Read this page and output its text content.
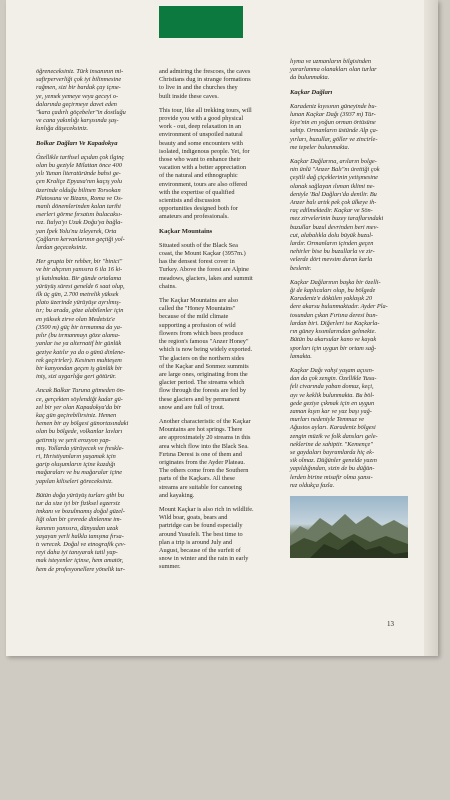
öğreneceksiniz. Türk insanının mi-
safirperverliği çok iyi bilinmesine
rağmen, sizi bir bardak çay içme-
ye, yemek yemeye veya geceyi o-
dalarında geçirmeye davet eden
"kara çadırlı göçebeler"in dostluğu
ve cana yakınlığı karşısında şaş-
kınlığa düşeceksiniz.

Bolkar Dağları Ve Kapadokya

Özellikle tarihsel açıdan çok ilginç
olan bu geziyle Milattan önce 400
yılı Yunan literatüründe bahsi ge-
çen Kraliçe Epyaxa'nın kaçış yolu
üzerinde olduğu bilinen Torsokan
Platosunu ve Bizans, Roma ve Os-
manlı dönemlerinden kalan tarihi
eserleri görme fırsatını bulacaksı-
nız. İtalya'yı Uzak Doğu'ya bağla-
yan İpek Yolu'nu izleyerek, Orta
Çağların kervanlarının geçtiği yol-
lardan geçeceksiniz.

Her grupta bir rehber, bir "binici"
ve bir ahçının yanısıra 6 ila 16 ki-
şi katılmakta. Bir günde ortalama
yürüyüş süresi genelde 6 saat olup,
ilk üç gün, 2.700 metrelik yüksek
plato üzerinde yürüyüşe ayrılmış-
tır; bu arada, göze alabilenler için
en yüksek zirve olan Medetsiz'e
(3500 m) güç bir tırmanma da ya-
pılır (bu tırmanmayı göze alama-
yanlar ise ya alternatif bir günlük
geziye katılır ya da o günü dinlene-
rek geçirirler). Kesinen muhteşem
bir kanyondan geçen iş günlük bir
iniş, sizi uygarlığa geri götürür.

Ancak Balkar Turuna gitmeden ön-
ce, gerçekten söylendiği kadar gü-
zel bir yer olan Kapadokya'da bir
kaç gün geçirebilirsiniz. Hemen
hemen bir ay bölgesi günortasındaki
olan bu bölgede, volkanlar lavları
getirmiş ve şerit erozyon yap-
mış. Yollarda yürüyecek ve freskle-
ri, Hıristiyanların yaşamak için
garip oluşumların içine kazdığı
mağaraları ve bu mağaralar içine
yapılan kiliseleri göreceksiniz.

Bütün doğa yürüyüş turları gibi bu
tur da size iyi bir fiziksel egzersiz
imkanı ve bozulmamış doğal güzel-
liği olan bir çevrede dinlenme im-
kanının yanısıra, dünyadan uzak
yaşayan yerli halkla tanışma fırsa-
tı verecek. Doğal ve etnografik çev-
reyi daha iyi tanıyarak tatil yap-
mak isteyenler içinse, hem amatör,
hem de profesyonellere yönelik tur-

and admiring the frescoes, the caves
Christians dug in strange formations
to live in and the churches they
built inside these caves.

This tour, like all trekking tours, will
provide you with a good physical
work - out, deep relaxation in an
environment of unspoiled natural
beauty and some encounters with
isolated, indigenous people. Yet, for
those who want to enhance their
vacation with a better appreciation
of the natural and ethnographic
environment, tours are also offered
with the expertise of qualified
scientists and discussion
opportunities designed both for
amateurs and professionals.

Kaçkar Mountains

Situated south of the Black Sea
coast, the Mount Kaçkar (3957m.)
has the densest forest cover in
Turkey. Above the forest are Alpine
meadows, glaciers, lakes and summit
chains.

The Kaçkar Mountains are also
called the "Honey Mountains"
because of the mild climate
supporting a profusion of wild
flowers from which bees produce
the region's famous "Anzer Honey"
which is now being widely exported.
The glaciers on the northern sides
of the Kaçkar and Sonmez summits
are large ones, originating from the
glacier period. The streams which
flow through the forests are fed by
these glaciers and by permanent
snow and are full of trout.

Another characteristic of the Kaçkar
Mountains are hot springs. There
are approximately 20 streams in this
area which flow into the Black Sea.
Fırtına Deresi is one of them and
originates from the Ayder Plateau.
The others come from the Southern
parts of the Kaçkars. All these
streams are suitable for canoeing
and kayaking.

Mount Kaçkar is also rich in wildlife.
Wild boar, goats, bears and
partridge can be found especially
around Yusufeli. The best time to
plan a trip is around July and
August, because of the surfeit of
snow in winter and the rain in early
summer.

lıyma ve uzmanların bilgisinden
yararlanma olanakları olan turlar
da bulunmakta.

Kaçkar Dağları

Karadeniz kıyısının güneyinde bu-
lunan Kaçkar Dağı (3937 m) Tür-
kiye'nin en yoğun orman örtüsüne
sahip. Ormanların üstünde Alp ça-
yırları, buzullar, göller ve zincirle-
me tepeler bulunmakta.

Kaçkar Dağlarına, arıların bolge-
nin ünlü "Anzer Balı"nı ürettiği çok
çeşitli dağ çiçeklerinin yetişmesine
olanak sağlayan ılıman iklimi ne-
deniyle 'Bal Dağları'da denilir. Bu
Anzer balı artık pek çok ülkeye ih-
raç edilmektedir. Kaçkar ve Sön-
mez zirvelerinin buzey taraflarındaki
buzullar buzul devrinden beri mev-
cut, alabalıkla dolu büyük buzul-
lardır. Ormanların içinden geçen
nehirler bise bu buzullarla ve zir-
velerde dört mevsim duran karla
beslenir.

Kaçkar Dağlarının başka bir özelli-
ği de kaplıcaları olup, bu bölgede
Karadeniz'e dökülen yaklaşık 20
dere akarsu bulunmaktadır. Ayder Pla-
tosundan çıkan Fırtına deresi bun-
lardan biri. Diğerleri ise Kaçkarla-
rın güney kısımlarından gelmekte.
Bütün bu akarsular kano ve kayak
sporları için uygun bir ortam sağ-
lamakta.

Kaçkar Dağı vahşi yaşam açısın-
dan da çok zengin. Özellikle Yusu-
feli civarında yaban domuz, keçi,
ayı ve keklik bulunmakta. Bu böl-
gede geziye çıkmak için en uygun
zaman kışın kar ve yaz başı yağ-
murları nedeniyle Temmuz ve
Ağustos ayları. Karadeniz bölgesi
zengin müzik ve folk dansları gele-
neklerine de sahiptir. "Kemençe"
se gaydaları bayramlarda hiç ek-
sik olmaz. Düğünler genelde yazın
yapıldığından, sizin de bu düğün-
lerden birine misafir olma şansı-
nız oldukça fazla.

13
